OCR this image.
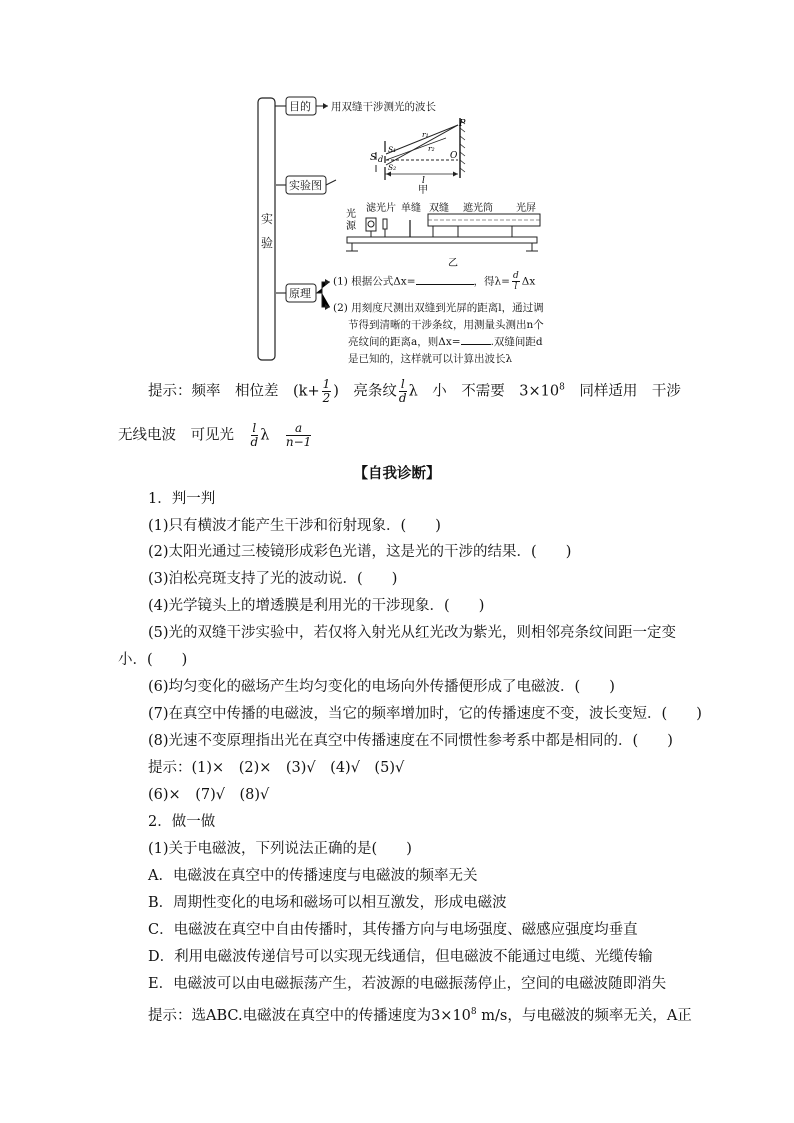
S
S₁
S₂
d
P
r₁
r₂
O
l
甲
光
源
滤光片 单缝 双缝 遮光筒 光屏
乙
实
验
目的 用双缝干涉测光的波长
实验图
原理
(1) 根据公式Δx=	，得$\lambda= \frac{d}{l}$ Δx
(2) 用刻度尺测出双缝到光屏的距离l，通过调
节得到清晰的干涉条纹，用测量头测出n个
亮纹间的距离a，则Δx=	.双缝间距d
是已知的，这样就可以计算出波长λ
提示：频率　相位差　($k+ \frac{1}{2}$ )　亮条纹 $\frac{l}{d}$ λ　小　不需要　$3\times 10^8$　同样适用　干涉
无线电波　可见光　 $\frac{l}{d}$ λ　 $\frac{a}{n-1}$
【自我诊断】
1．判一判
(1)只有横波才能产生干涉和衍射现象．(　　)
(2)太阳光通过三棱镜形成彩色光谱，这是光的干涉的结果．(　　)
(3)泊松亮斑支持了光的波动说．(　　)
(4)光学镜头上的增透膜是利用光的干涉现象．(　　)
(5)光的双缝干涉实验中，若仅将入射光从红光改为紫光，则相邻亮条纹间距一定变
小．(　　)
(6)均匀变化的磁场产生均匀变化的电场向外传播便形成了电磁波．(　　)
(7)在真空中传播的电磁波，当它的频率增加时，它的传播速度不变，波长变短．(　　)
(8)光速不变原理指出光在真空中传播速度在不同惯性参考系中都是相同的．(　　)
提示：(1)×　(2)×　(3)√　(4)√　(5)√
(6)×　(7)√　(8)√
2．做一做
(1)关于电磁波，下列说法正确的是(　　)
A．电磁波在真空中的传播速度与电磁波的频率无关
B．周期性变化的电场和磁场可以相互激发，形成电磁波
C．电磁波在真空中自由传播时，其传播方向与电场强度、磁感应强度均垂直
D．利用电磁波传递信号可以实现无线通信，但电磁波不能通过电缆、光缆传输
E．电磁波可以由电磁振荡产生，若波源的电磁振荡停止，空间的电磁波随即消失
提示：选ABC.电磁波在真空中的传播速度为$3\times 10^8$ m/s，与电磁波的频率无关，A正
